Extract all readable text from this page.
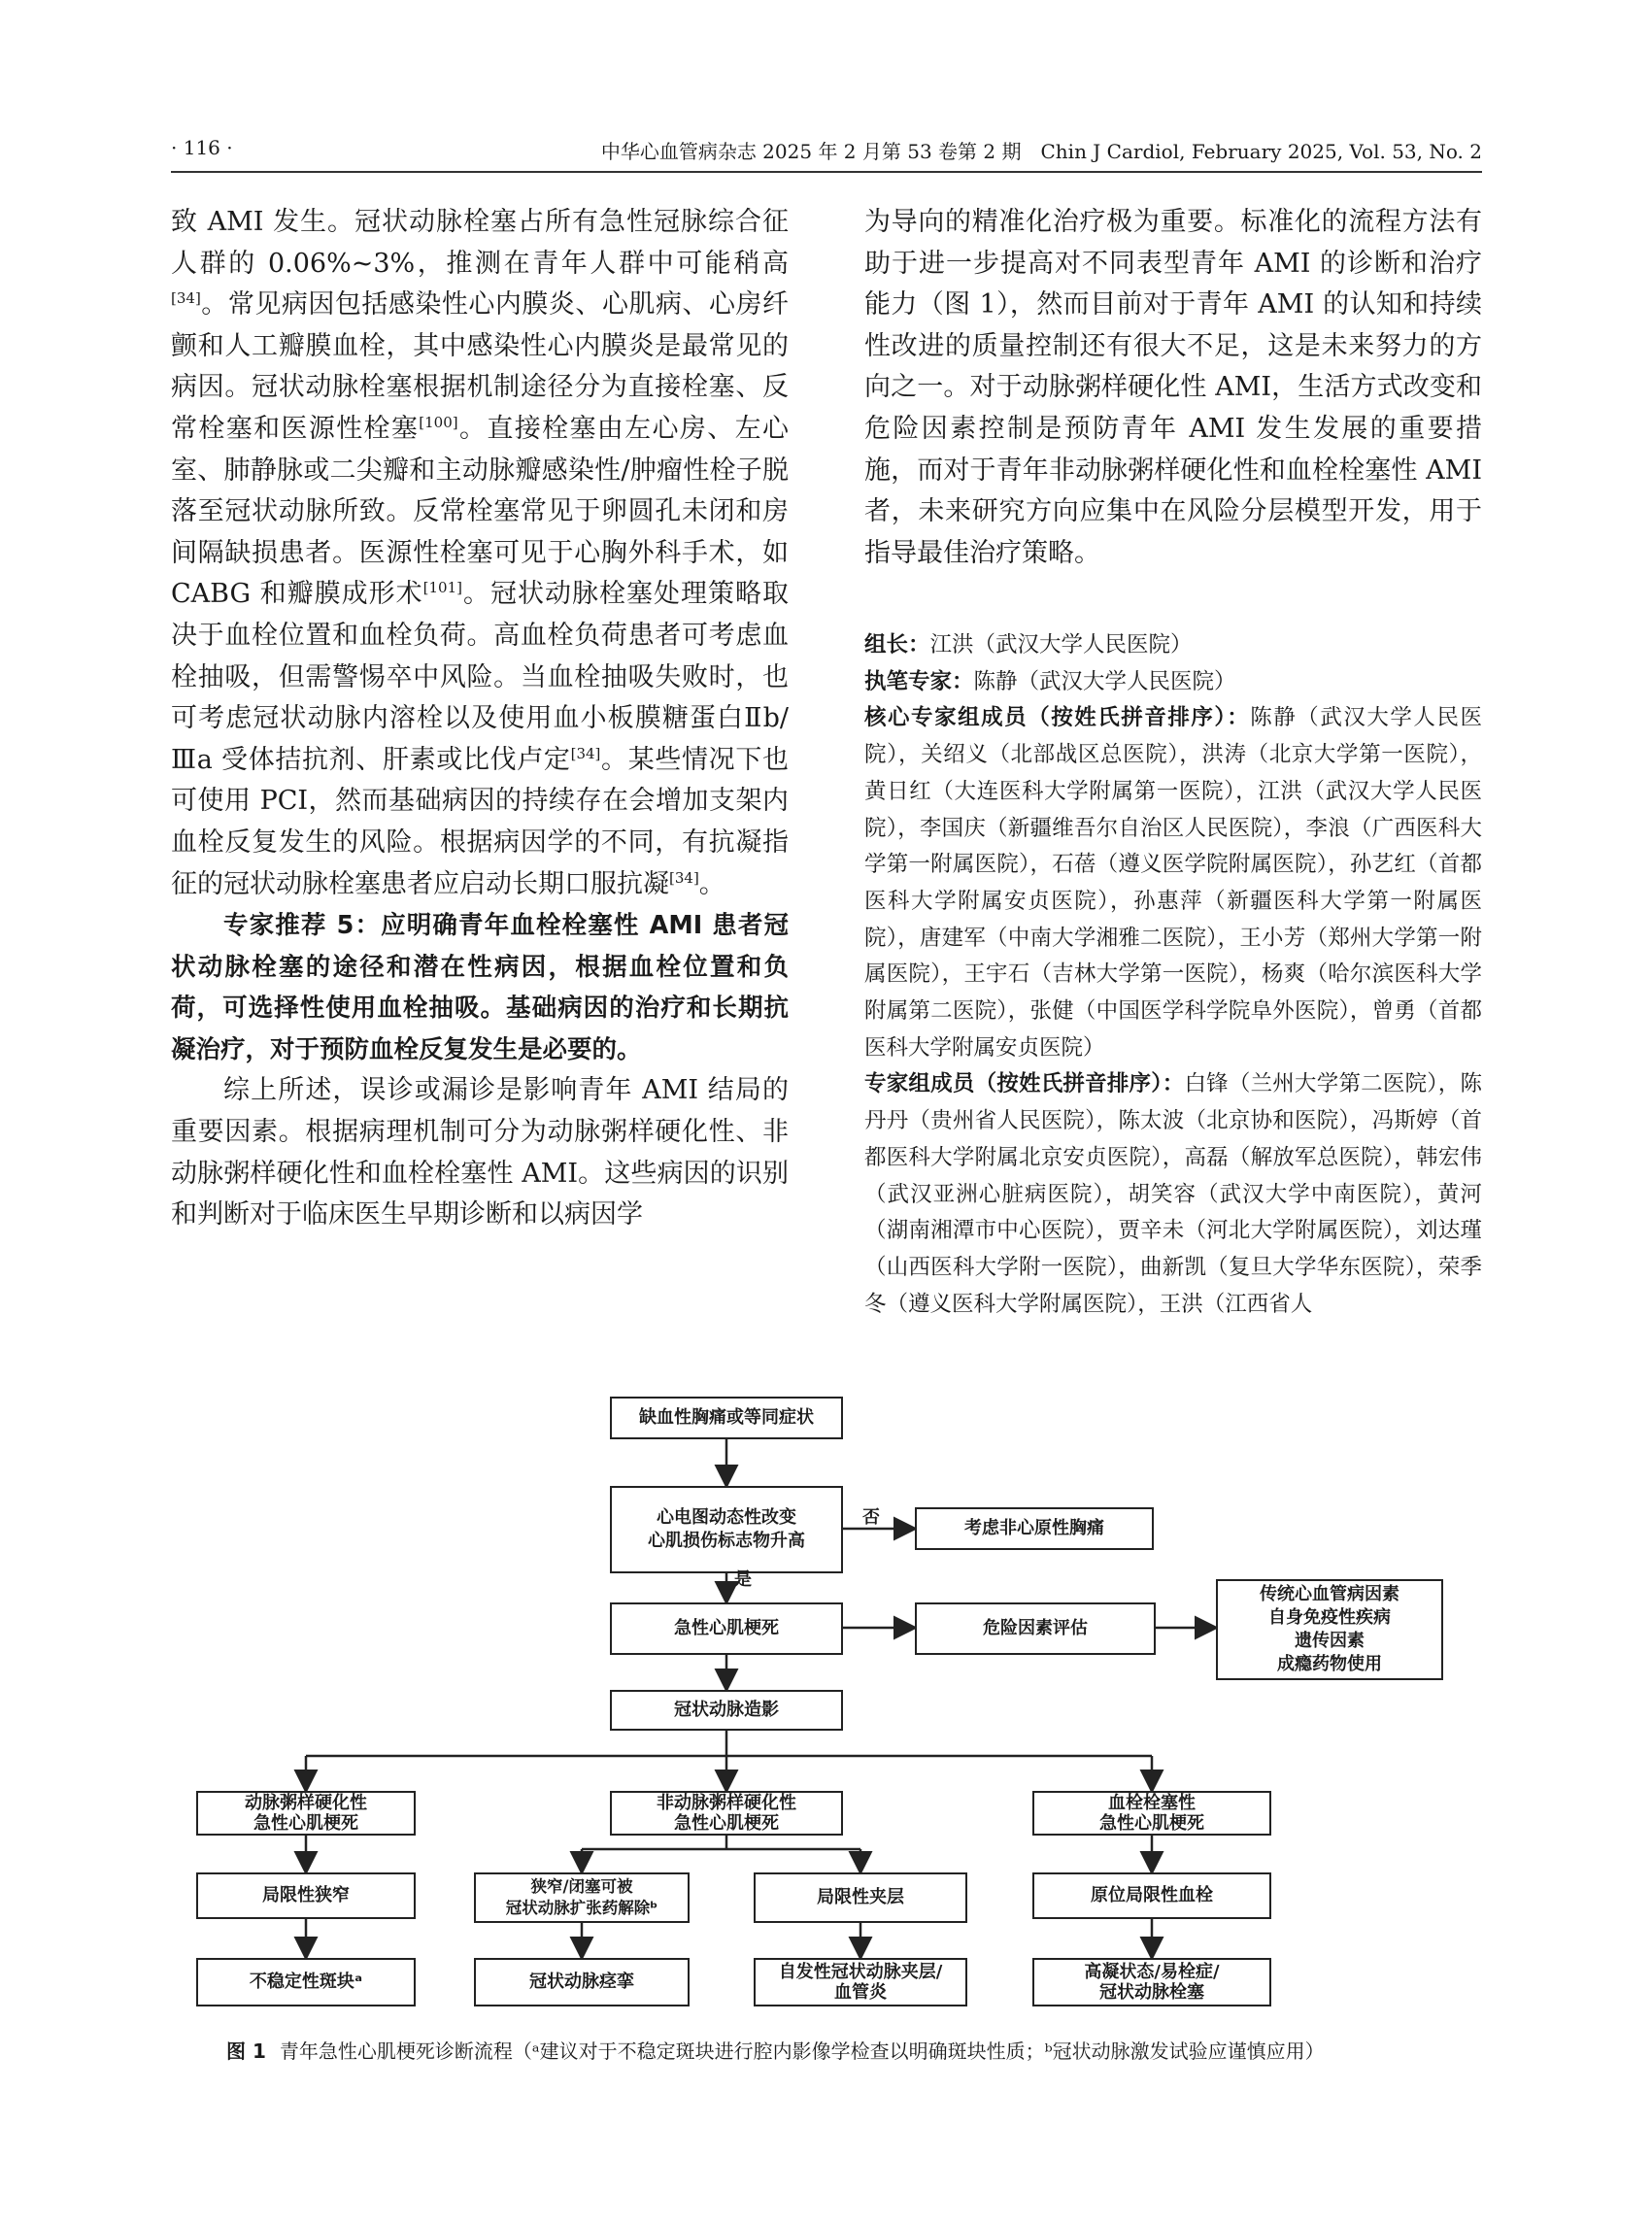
· 116 ·	中华心血管病杂志 2025 年 2 月第 53 卷第 2 期　Chin J Cardiol, February 2025, Vol. 53, No. 2

致 AMI 发生。冠状动脉栓塞占所有急性冠脉综合征人群的 0.06%~3%，推测在青年人群中可能稍高[34]。常见病因包括感染性心内膜炎、心肌病、心房纤颤和人工瓣膜血栓，其中感染性心内膜炎是最常见的病因。冠状动脉栓塞根据机制途径分为直接栓塞、反常栓塞和医源性栓塞[100]。直接栓塞由左心房、左心室、肺静脉或二尖瓣和主动脉瓣感染性/肿瘤性栓子脱落至冠状动脉所致。反常栓塞常见于卵圆孔未闭和房间隔缺损患者。医源性栓塞可见于心胸外科手术，如 CABG 和瓣膜成形术[101]。冠状动脉栓塞处理策略取决于血栓位置和血栓负荷。高血栓负荷患者可考虑血栓抽吸，但需警惕卒中风险。当血栓抽吸失败时，也可考虑冠状动脉内溶栓以及使用血小板膜糖蛋白Ⅱb/Ⅲa 受体拮抗剂、肝素或比伐卢定[34]。某些情况下也可使用 PCI，然而基础病因的持续存在会增加支架内血栓反复发生的风险。根据病因学的不同，有抗凝指征的冠状动脉栓塞患者应启动长期口服抗凝[34]。

专家推荐 5：应明确青年血栓栓塞性 AMI 患者冠状动脉栓塞的途径和潜在性病因，根据血栓位置和负荷，可选择性使用血栓抽吸。基础病因的治疗和长期抗凝治疗，对于预防血栓反复发生是必要的。

综上所述，误诊或漏诊是影响青年 AMI 结局的重要因素。根据病理机制可分为动脉粥样硬化性、非动脉粥样硬化性和血栓栓塞性 AMI。这些病因的识别和判断对于临床医生早期诊断和以病因学

为导向的精准化治疗极为重要。标准化的流程方法有助于进一步提高对不同表型青年 AMI 的诊断和治疗能力（图 1），然而目前对于青年 AMI 的认知和持续性改进的质量控制还有很大不足，这是未来努力的方向之一。对于动脉粥样硬化性 AMI，生活方式改变和危险因素控制是预防青年 AMI 发生发展的重要措施，而对于青年非动脉粥样硬化性和血栓栓塞性 AMI 者，未来研究方向应集中在风险分层模型开发，用于指导最佳治疗策略。

组长：江洪（武汉大学人民医院）

执笔专家：陈静（武汉大学人民医院）

核心专家组成员（按姓氏拼音排序）：陈静（武汉大学人民医院），关绍义（北部战区总医院），洪涛（北京大学第一医院），黄日红（大连医科大学附属第一医院），江洪（武汉大学人民医院），李国庆（新疆维吾尔自治区人民医院），李浪（广西医科大学第一附属医院），石蓓（遵义医学院附属医院），孙艺红（首都医科大学附属安贞医院），孙惠萍（新疆医科大学第一附属医院），唐建军（中南大学湘雅二医院），王小芳（郑州大学第一附属医院），王宇石（吉林大学第一医院），杨爽（哈尔滨医科大学附属第二医院），张健（中国医学科学院阜外医院），曾勇（首都医科大学附属安贞医院）

专家组成员（按姓氏拼音排序）：白锋（兰州大学第二医院），陈丹丹（贵州省人民医院），陈太波（北京协和医院），冯斯婷（首都医科大学附属北京安贞医院），高磊（解放军总医院），韩宏伟（武汉亚洲心脏病医院），胡笑容（武汉大学中南医院），黄河（湖南湘潭市中心医院），贾辛未（河北大学附属医院），刘达瑾（山西医科大学附一医院），曲新凯（复旦大学华东医院），荣季冬（遵义医科大学附属医院），王洪（江西省人

缺血性胸痛或等同症状
心电图动态性改变
心肌损伤标志物升高
否
考虑非心原性胸痛
是
急性心肌梗死	危险因素评估
传统心血管病因素
自身免疫性疾病
遗传因素
成瘾药物使用
冠状动脉造影
动脉粥样硬化性
急性心肌梗死
非动脉粥样硬化性
急性心肌梗死
血栓栓塞性
急性心肌梗死
局限性狭窄	狭窄/闭塞可被
冠状动脉扩张药解除ᵇ
局限性夹层	原位局限性血栓
不稳定性斑块ᵃ	冠状动脉痉挛	自发性冠状动脉夹层/
血管炎
高凝状态/易栓症/
冠状动脉栓塞
图 1 青年急性心肌梗死诊断流程（ᵃ建议对于不稳定斑块进行腔内影像学检查以明确斑块性质；ᵇ冠状动脉激发试验应谨慎应用）
